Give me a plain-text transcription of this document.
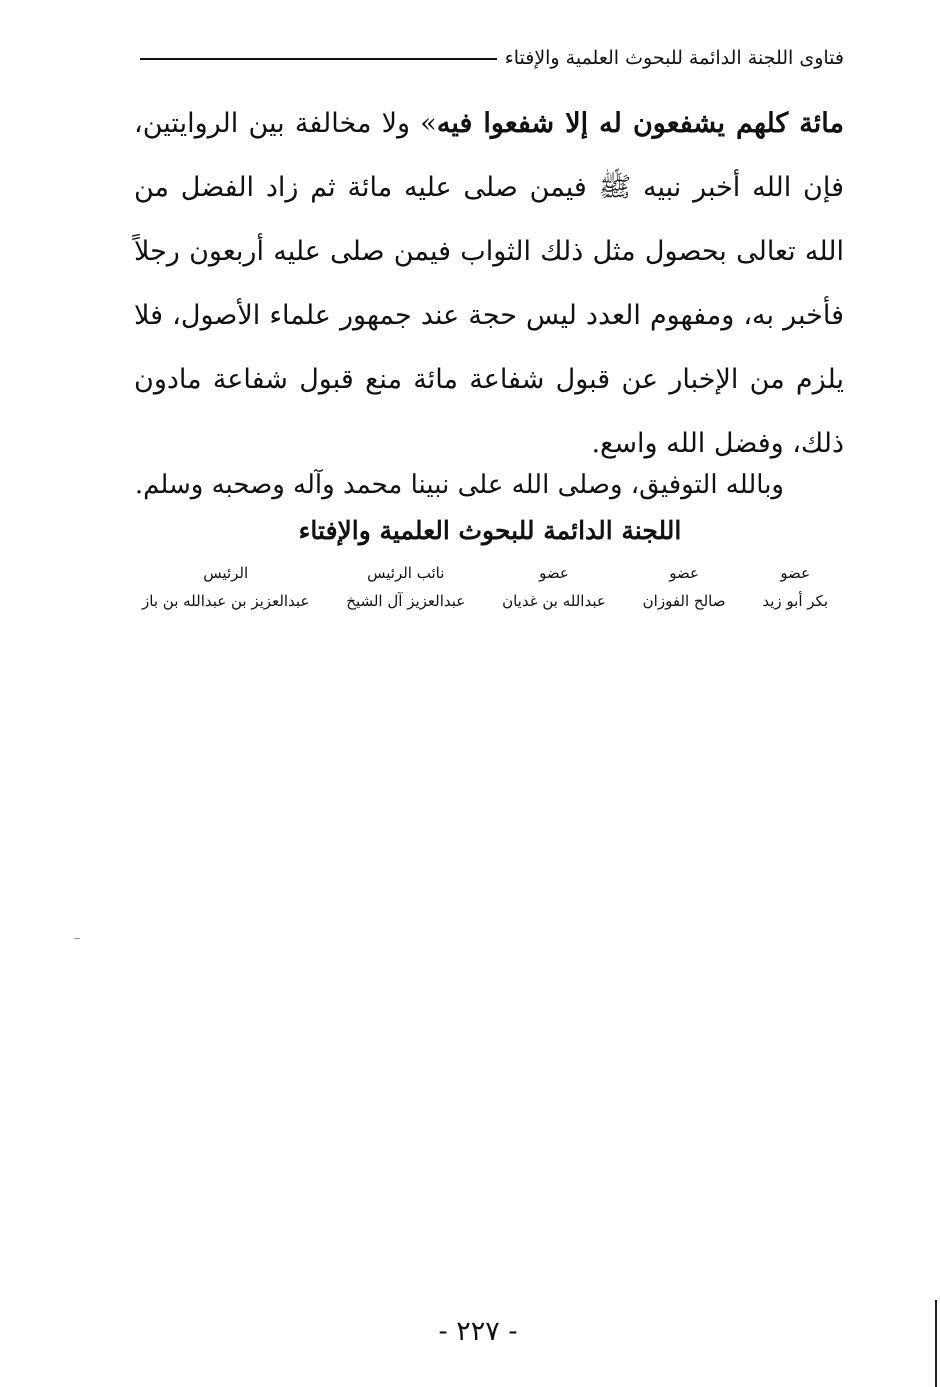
فتاوى اللجنة الدائمة للبحوث العلمية والإفتاء

مائة كلهم يشفعون له إلا شفعوا فيه» ولا مخالفة بين الروايتين، فإن الله أخبر نبيه ﷺ فيمن صلى عليه مائة ثم زاد الفضل من الله تعالى بحصول مثل ذلك الثواب فيمن صلى عليه أربعون رجلاً فأخبر به، ومفهوم العدد ليس حجة عند جمهور علماء الأصول، فلا يلزم من الإخبار عن قبول شفاعة مائة منع قبول شفاعة مادون ذلك، وفضل الله واسع.

وبالله التوفيق، وصلى الله على نبينا محمد وآله وصحبه وسلم.
اللجنة الدائمة للبحوث العلمية والإفتاء
عضو
بكر أبو زيد
عضو
صالح الفوزان
عضو
عبدالله بن غديان
نائب الرئيس
عبدالعزيز آل الشيخ
الرئيس
عبدالعزيز بن عبدالله بن باز
- ٢٢٧ -
